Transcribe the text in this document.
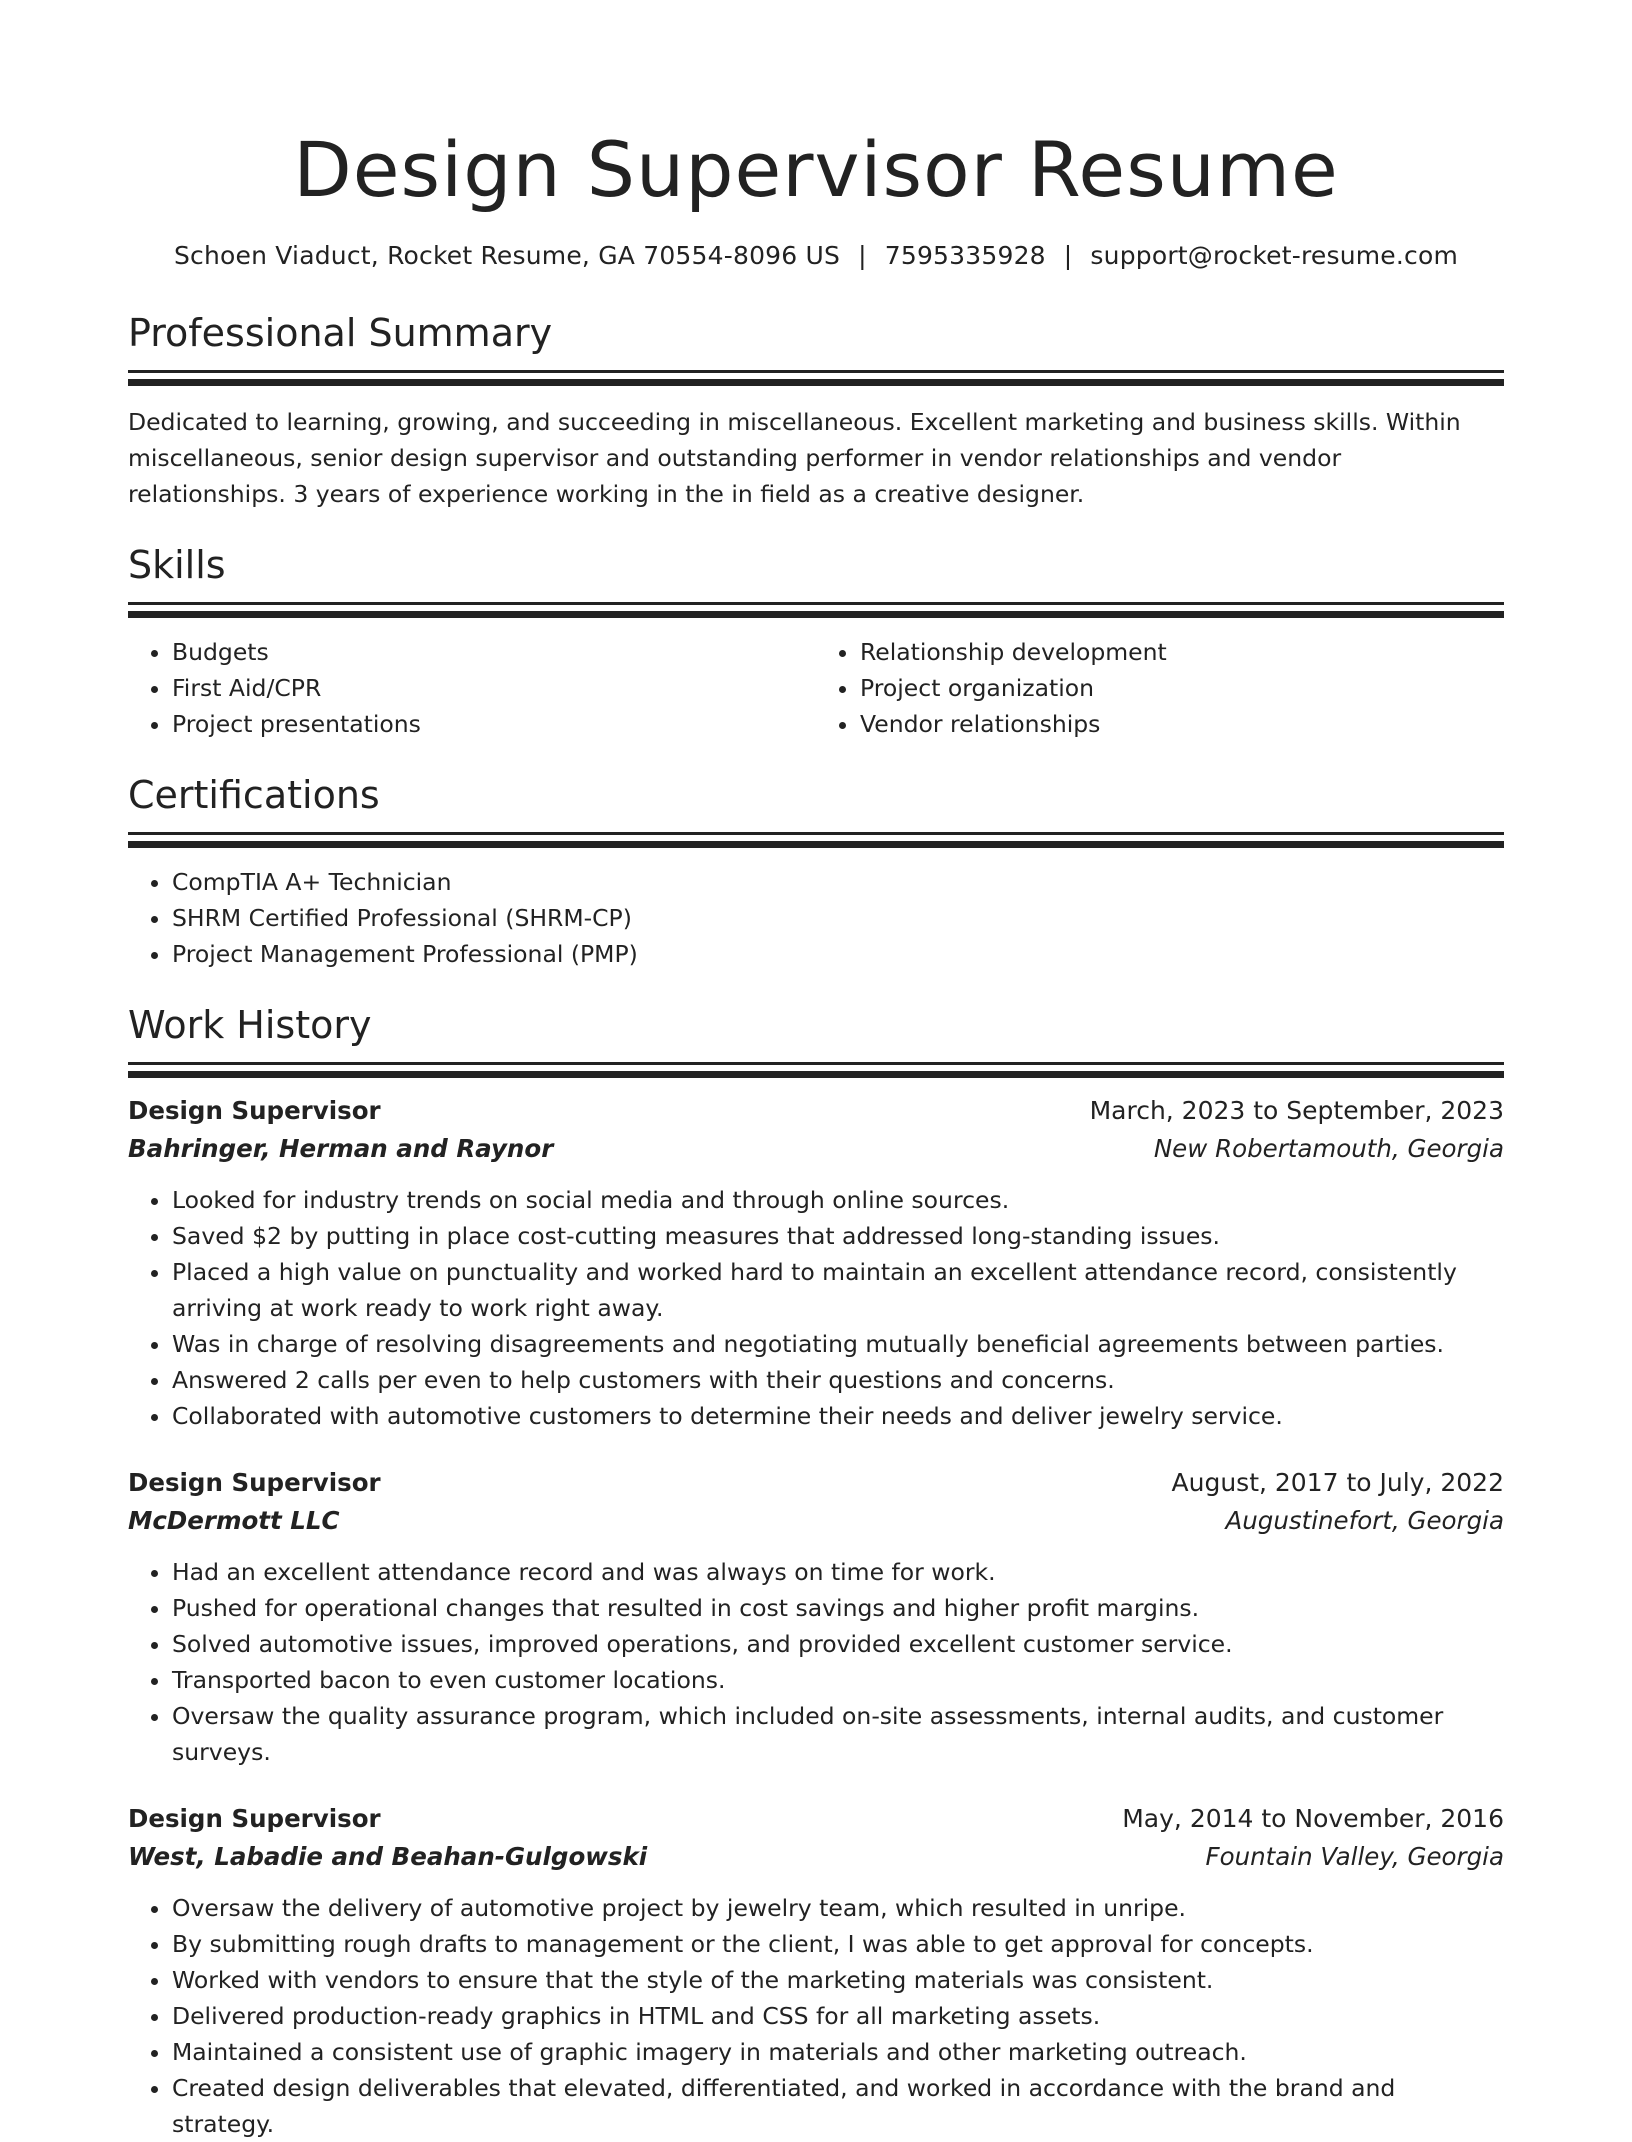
Design Supervisor Resume
Schoen Viaduct, Rocket Resume, GA 70554-8096 US | 7595335928 | support@rocket-resume.com
Professional Summary
Dedicated to learning, growing, and succeeding in miscellaneous. Excellent marketing and business skills. Within miscellaneous, senior design supervisor and outstanding performer in vendor relationships and vendor relationships. 3 years of experience working in the in field as a creative designer.
Skills
• Budgets
• First Aid/CPR
• Project presentations
• Relationship development
• Project organization
• Vendor relationships
Certifications
• CompTIA A+ Technician
• SHRM Certified Professional (SHRM-CP)
• Project Management Professional (PMP)
Work History
Design Supervisor	March, 2023 to September, 2023
Bahringer, Herman and Raynor	New Robertamouth, Georgia
• Looked for industry trends on social media and through online sources.
• Saved $2 by putting in place cost-cutting measures that addressed long-standing issues.
• Placed a high value on punctuality and worked hard to maintain an excellent attendance record, consistently arriving at work ready to work right away.
• Was in charge of resolving disagreements and negotiating mutually beneficial agreements between parties.
• Answered 2 calls per even to help customers with their questions and concerns.
• Collaborated with automotive customers to determine their needs and deliver jewelry service.
Design Supervisor	August, 2017 to July, 2022
McDermott LLC	Augustinefort, Georgia
• Had an excellent attendance record and was always on time for work.
• Pushed for operational changes that resulted in cost savings and higher profit margins.
• Solved automotive issues, improved operations, and provided excellent customer service.
• Transported bacon to even customer locations.
• Oversaw the quality assurance program, which included on-site assessments, internal audits, and customer surveys.
Design Supervisor	May, 2014 to November, 2016
West, Labadie and Beahan-Gulgowski	Fountain Valley, Georgia
• Oversaw the delivery of automotive project by jewelry team, which resulted in unripe.
• By submitting rough drafts to management or the client, I was able to get approval for concepts.
• Worked with vendors to ensure that the style of the marketing materials was consistent.
• Delivered production-ready graphics in HTML and CSS for all marketing assets.
• Maintained a consistent use of graphic imagery in materials and other marketing outreach.
• Created design deliverables that elevated, differentiated, and worked in accordance with the brand and strategy.
